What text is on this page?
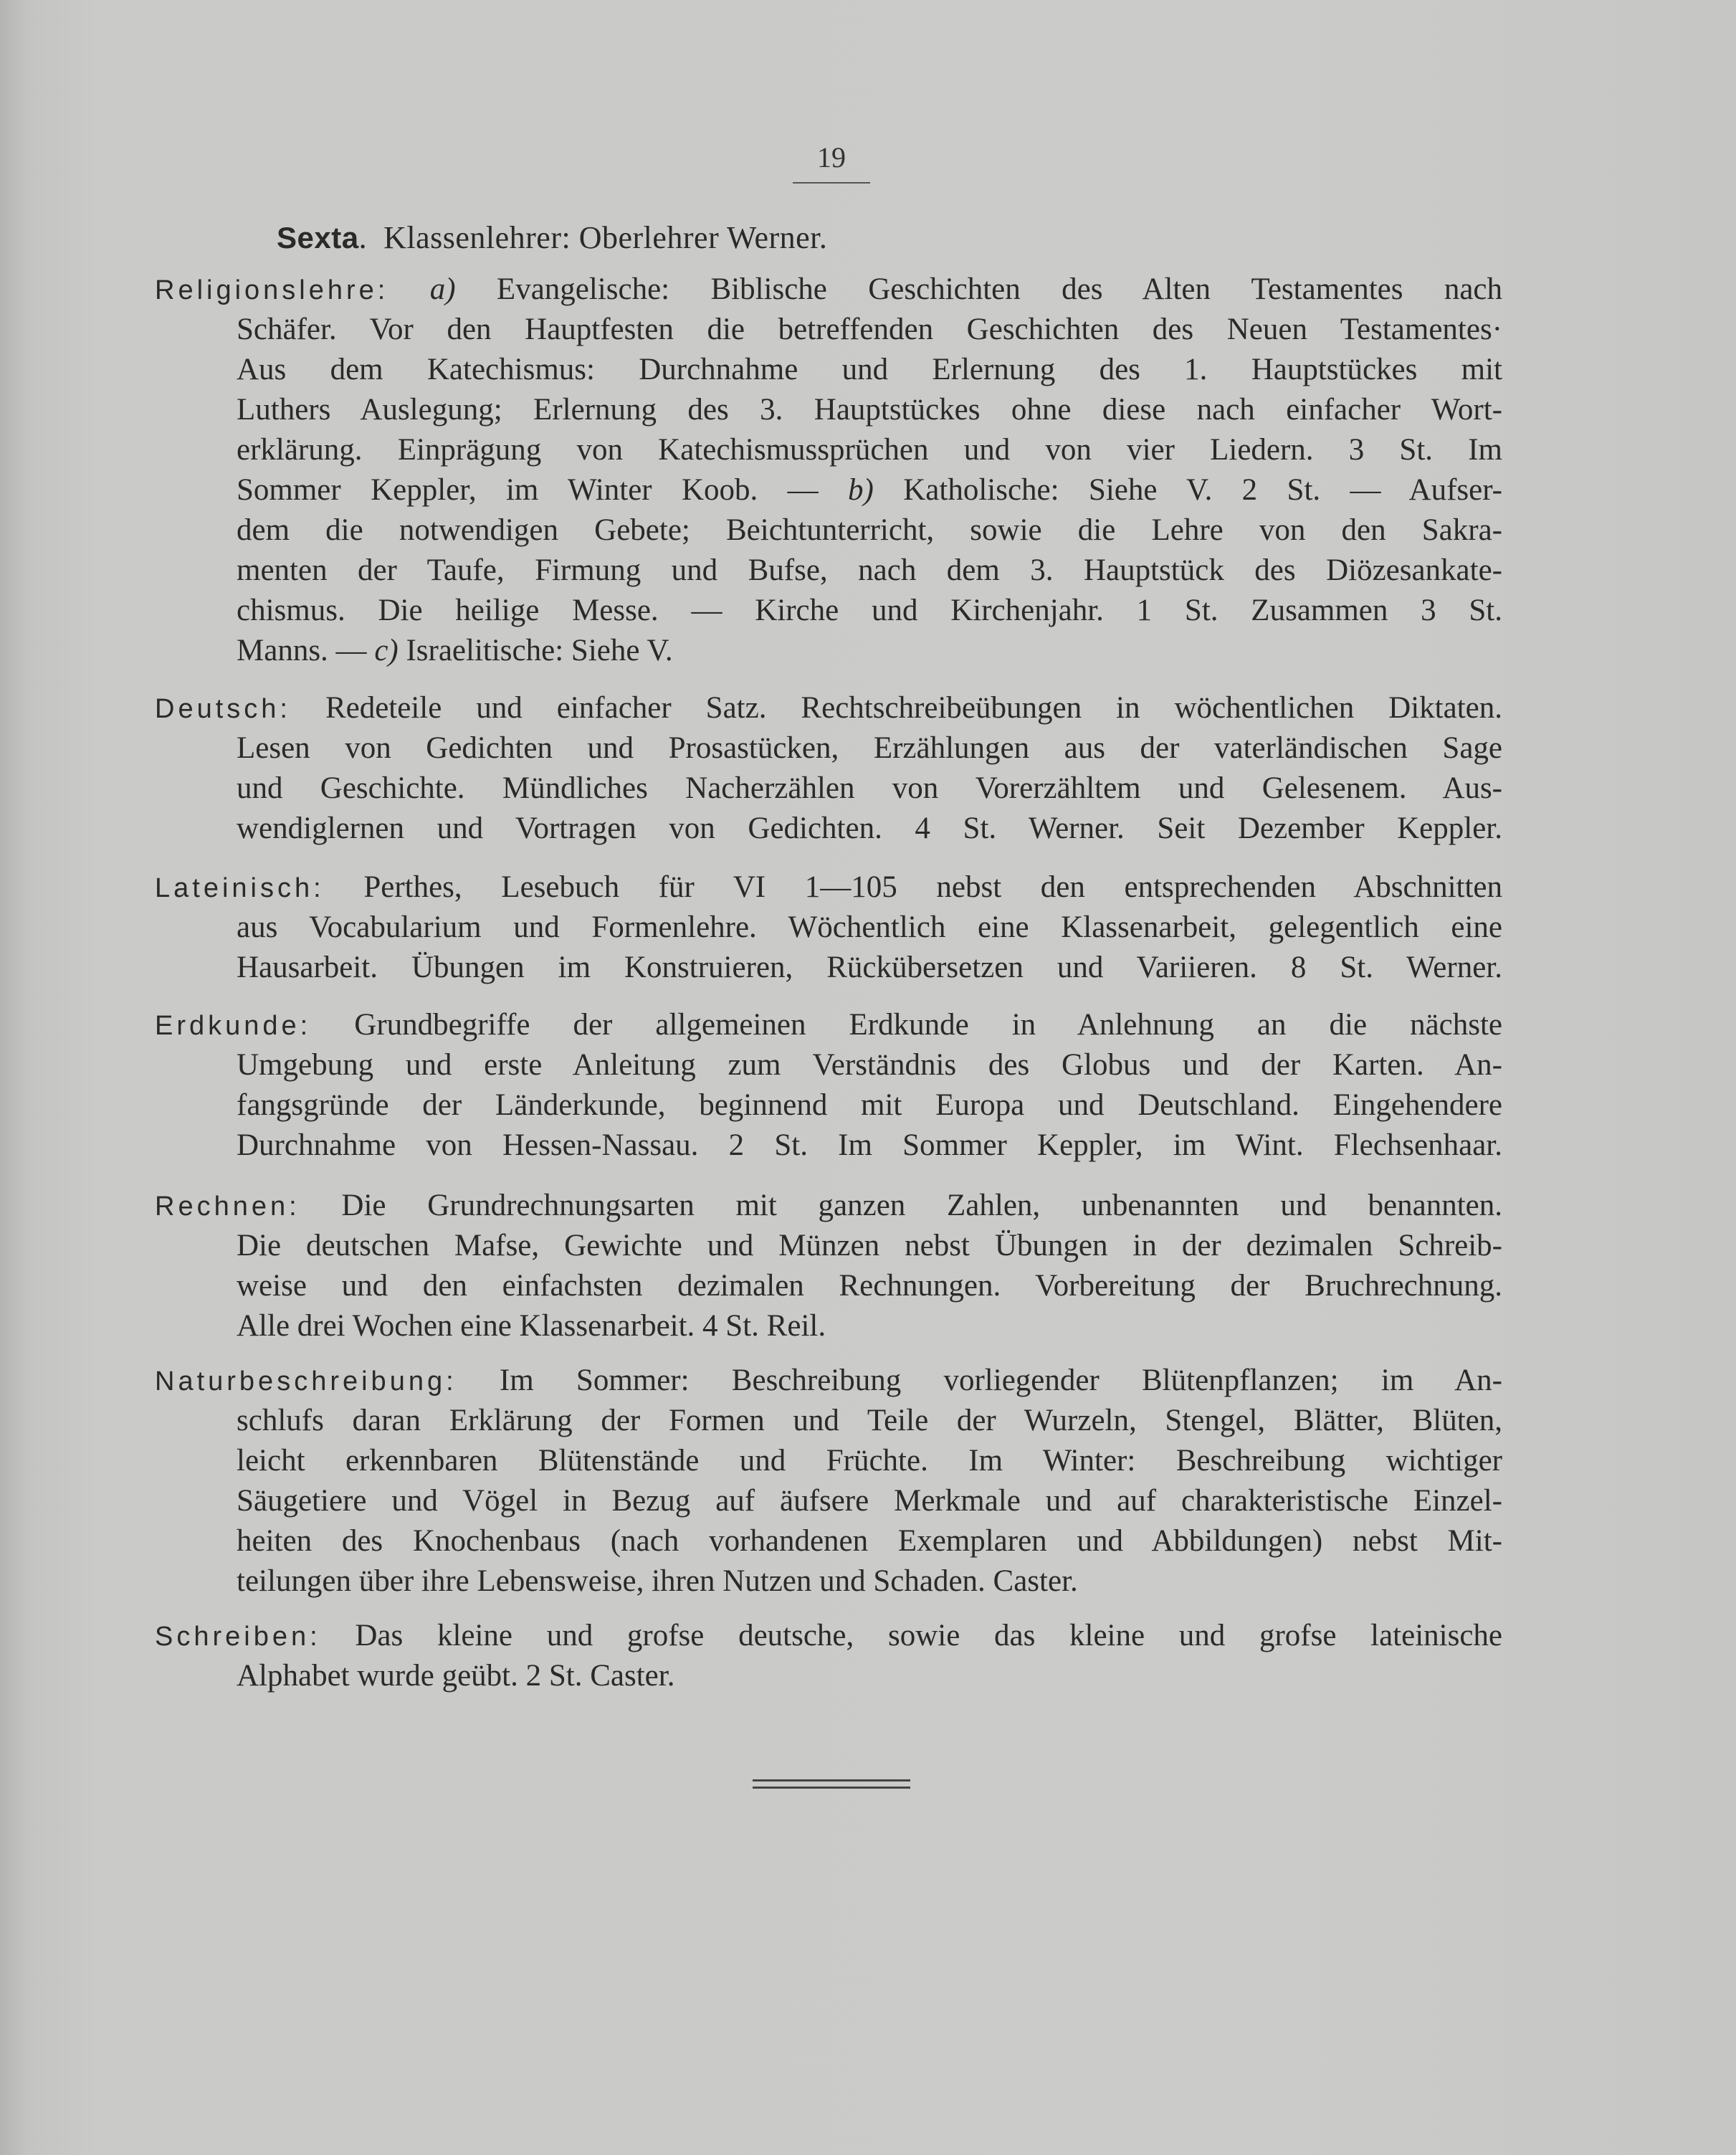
19
Sexta. Klassenlehrer: Oberlehrer Werner.
Religionslehre: a) Evangelische: Biblische Geschichten des Alten Testamentes nach
Schäfer. Vor den Hauptfesten die betreffenden Geschichten des Neuen Testamentes·
Aus dem Katechismus: Durchnahme und Erlernung des 1. Hauptstückes mit
Luthers Auslegung; Erlernung des 3. Hauptstückes ohne diese nach einfacher Wort-
erklärung. Einprägung von Katechismussprüchen und von vier Liedern. 3 St. Im
Sommer Keppler, im Winter Koob. — b) Katholische: Siehe V. 2 St. — Aufser-
dem die notwendigen Gebete; Beichtunterricht, sowie die Lehre von den Sakra-
menten der Taufe, Firmung und Bufse, nach dem 3. Hauptstück des Diözesankate-
chismus. Die heilige Messe. — Kirche und Kirchenjahr. 1 St. Zusammen 3 St.
Manns. — c) Israelitische: Siehe V.
Deutsch: Redeteile und einfacher Satz. Rechtschreibeübungen in wöchentlichen Diktaten.
Lesen von Gedichten und Prosastücken, Erzählungen aus der vaterländischen Sage
und Geschichte. Mündliches Nacherzählen von Vorerzähltem und Gelesenem. Aus-
wendiglernen und Vortragen von Gedichten. 4 St. Werner. Seit Dezember Keppler.
Lateinisch: Perthes, Lesebuch für VI 1—105 nebst den entsprechenden Abschnitten
aus Vocabularium und Formenlehre. Wöchentlich eine Klassenarbeit, gelegentlich eine
Hausarbeit. Übungen im Konstruieren, Rückübersetzen und Variieren. 8 St. Werner.
Erdkunde: Grundbegriffe der allgemeinen Erdkunde in Anlehnung an die nächste
Umgebung und erste Anleitung zum Verständnis des Globus und der Karten. An-
fangsgründe der Länderkunde, beginnend mit Europa und Deutschland. Eingehendere
Durchnahme von Hessen-Nassau. 2 St. Im Sommer Keppler, im Wint. Flechsenhaar.
Rechnen: Die Grundrechnungsarten mit ganzen Zahlen, unbenannten und benannten.
Die deutschen Mafse, Gewichte und Münzen nebst Übungen in der dezimalen Schreib-
weise und den einfachsten dezimalen Rechnungen. Vorbereitung der Bruchrechnung.
Alle drei Wochen eine Klassenarbeit. 4 St. Reil.
Naturbeschreibung: Im Sommer: Beschreibung vorliegender Blütenpflanzen; im An-
schlufs daran Erklärung der Formen und Teile der Wurzeln, Stengel, Blätter, Blüten,
leicht erkennbaren Blütenstände und Früchte. Im Winter: Beschreibung wichtiger
Säugetiere und Vögel in Bezug auf äufsere Merkmale und auf charakteristische Einzel-
heiten des Knochenbaus (nach vorhandenen Exemplaren und Abbildungen) nebst Mit-
teilungen über ihre Lebensweise, ihren Nutzen und Schaden. Caster.
Schreiben: Das kleine und grofse deutsche, sowie das kleine und grofse lateinische
Alphabet wurde geübt. 2 St. Caster.
